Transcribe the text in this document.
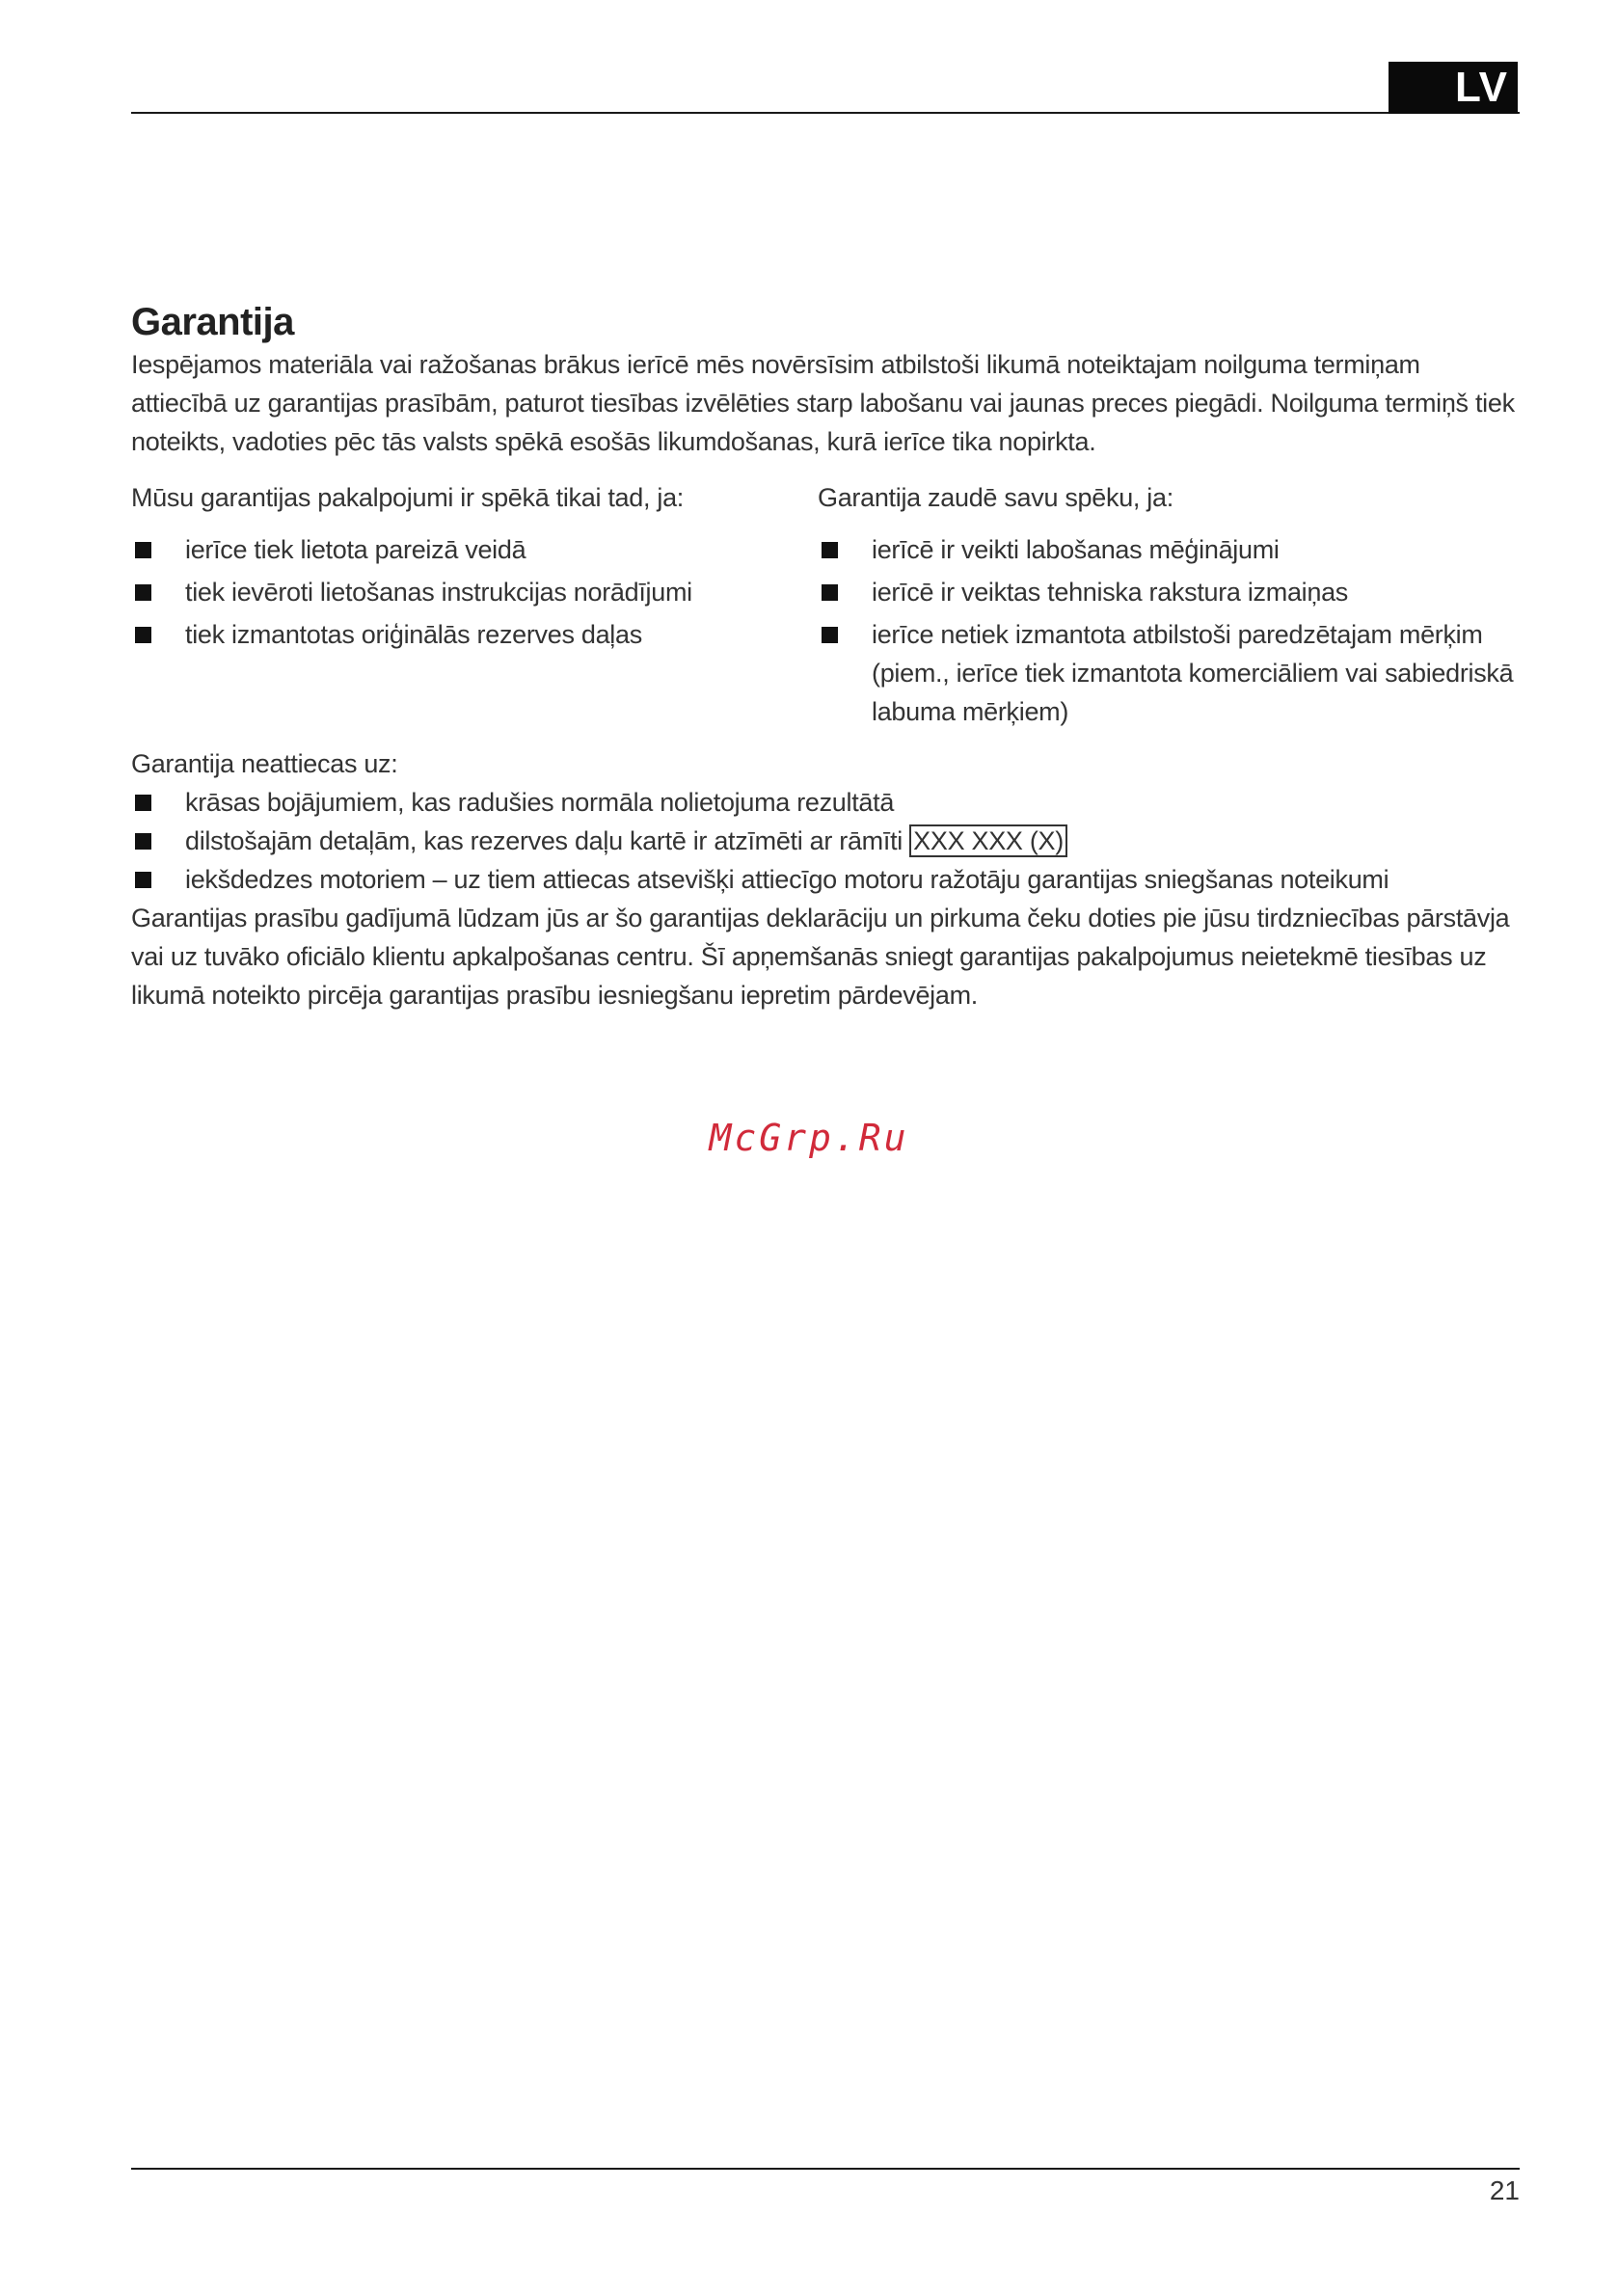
LV
Garantija

Iespējamos materiāla vai ražošanas brākus ierīcē mēs novērsīsim atbilstoši likumā noteiktajam noilguma termiņam attiecībā uz garantijas prasībām, paturot tiesības izvēlēties starp labošanu vai jaunas preces piegādi. Noilguma termiņš tiek noteikts, vadoties pēc tās valsts spēkā esošās likumdošanas, kurā ierīce tika nopirkta.

Mūsu garantijas pakalpojumi ir spēkā tikai tad, ja:
ierīce tiek lietota pareizā veidā
tiek ievēroti lietošanas instrukcijas norādījumi
tiek izmantotas oriģinālās rezerves daļas
Garantija zaudē savu spēku, ja:
ierīcē ir veikti labošanas mēģinājumi
ierīcē ir veiktas tehniska rakstura izmaiņas
ierīce netiek izmantota atbilstoši paredzētajam mērķim (piem., ierīce tiek izmantota komerciāliem vai sabiedriskā labuma mērķiem)
Garantija neattiecas uz:
krāsas bojājumiem, kas radušies normāla nolietojuma rezultātā
dilstošajām detaļām, kas rezerves daļu kartē ir atzīmēti ar rāmīti XXX XXX (X)
iekšdedzes motoriem – uz tiem attiecas atsevišķi attiecīgo motoru ražotāju garantijas sniegšanas noteikumi

Garantijas prasību gadījumā lūdzam jūs ar šo garantijas deklarāciju un pirkuma čeku doties pie jūsu tirdzniecības pārstāvja vai uz tuvāko oficiālo klientu apkalpošanas centru. Šī apņemšanās sniegt garantijas pakalpojumus neietekmē tiesības uz likumā noteikto pircēja garantijas prasību iesniegšanu iepretim pārdevējam.

McGrp.Ru
21
